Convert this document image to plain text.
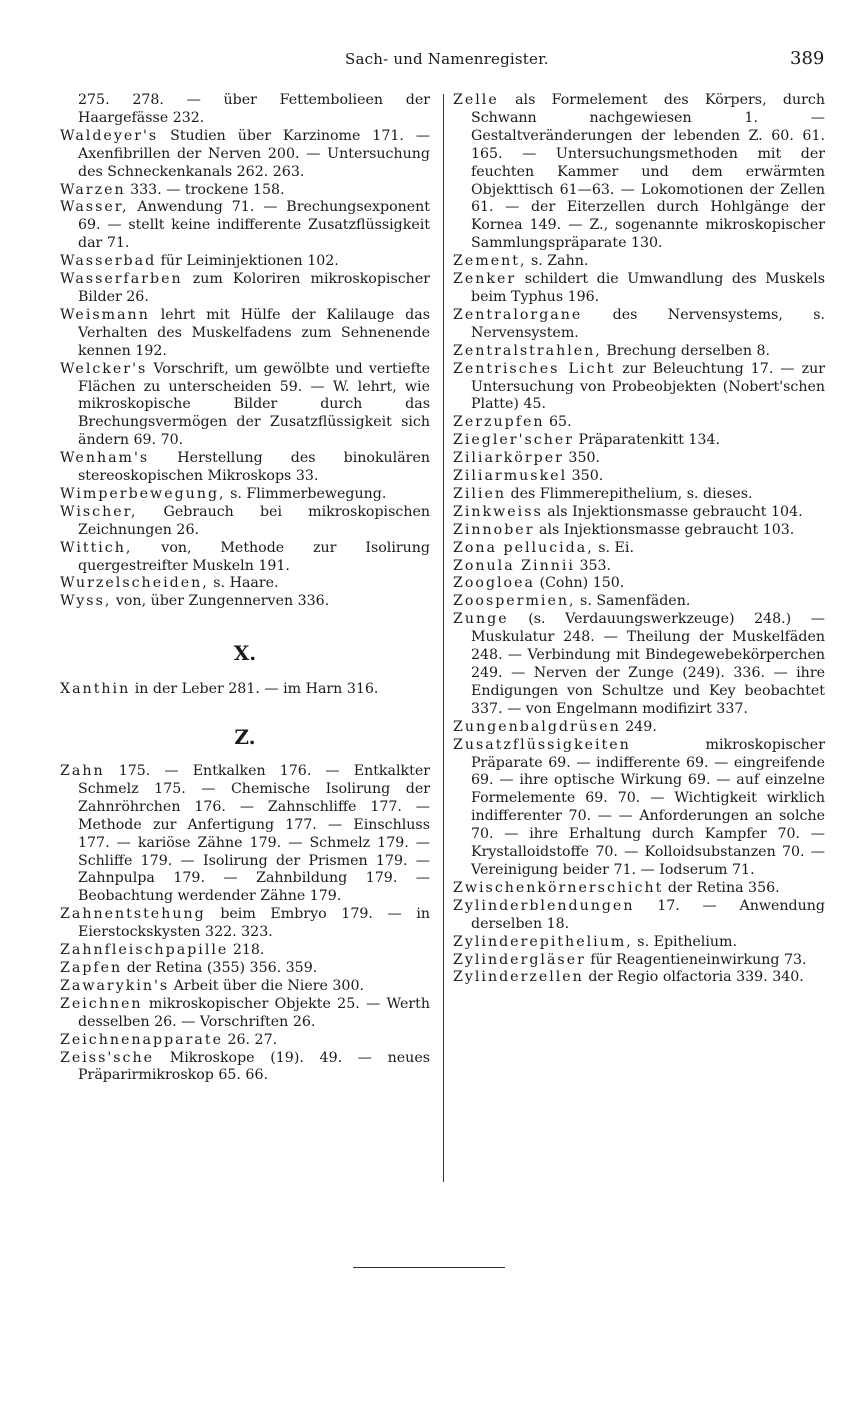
Sach- und Namenregister.	389

275. 278. — über Fettembolieen der Haargefässe 232.

Waldeyer's Studien über Karzinome 171. — Axenfibrillen der Nerven 200. — Untersuchung des Schneckenkanals 262. 263.

Warzen 333. — trockene 158.

Wasser, Anwendung 71. — Brechungsexponent 69. — stellt keine indifferente Zusatzflüssigkeit dar 71.

Wasserbad für Leiminjektionen 102.

Wasserfarben zum Koloriren mikroskopischer Bilder 26.

Weismann lehrt mit Hülfe der Kalilauge das Verhalten des Muskelfadens zum Sehnenende kennen 192.

Welcker's Vorschrift, um gewölbte und vertiefte Flächen zu unterscheiden 59. — W. lehrt, wie mikroskopische Bilder durch das Brechungsvermögen der Zusatzflüssigkeit sich ändern 69. 70.

Wenham's Herstellung des binokulären stereoskopischen Mikroskops 33.

Wimperbewegung, s. Flimmerbewegung.

Wischer, Gebrauch bei mikroskopischen Zeichnungen 26.

Wittich, von, Methode zur Isolirung quergestreifter Muskeln 191.

Wurzelscheiden, s. Haare.

Wyss, von, über Zungennerven 336.

X.

Xanthin in der Leber 281. — im Harn 316.

Z.

Zahn 175. — Entkalken 176. — Entkalkter Schmelz 175. — Chemische Isolirung der Zahnröhrchen 176. — Zahnschliffe 177. — Methode zur Anfertigung 177. — Einschluss 177. — kariöse Zähne 179. — Schmelz 179. — Schliffe 179. — Isolirung der Prismen 179. — Zahnpulpa 179. — Zahnbildung 179. — Beobachtung werdender Zähne 179.

Zahnentstehung beim Embryo 179. — in Eierstockskysten 322. 323.

Zahnfleischpapille 218.

Zapfen der Retina (355) 356. 359.

Zawarykin's Arbeit über die Niere 300.

Zeichnen mikroskopischer Objekte 25. — Werth desselben 26. — Vorschriften 26.

Zeichnenapparate 26. 27.

Zeiss'sche Mikroskope (19). 49. — neues Präparirmikroskop 65. 66.

Zelle als Formelement des Körpers, durch Schwann nachgewiesen 1. — Gestaltveränderungen der lebenden Z. 60. 61. 165. — Untersuchungsmethoden mit der feuchten Kammer und dem erwärmten Objekttisch 61—63. — Lokomotionen der Zellen 61. — der Eiterzellen durch Hohlgänge der Kornea 149. — Z., sogenannte mikroskopischer Sammlungspräparate 130.

Zement, s. Zahn.

Zenker schildert die Umwandlung des Muskels beim Typhus 196.

Zentralorgane des Nervensystems, s. Nervensystem.

Zentralstrahlen, Brechung derselben 8.

Zentrisches Licht zur Beleuchtung 17. — zur Untersuchung von Probeobjekten (Nobert'schen Platte) 45.

Zerzupfen 65.

Ziegler'scher Präparatenkitt 134.

Ziliarkörper 350.

Ziliarmuskel 350.

Zilien des Flimmerepithelium, s. dieses.

Zinkweiss als Injektionsmasse gebraucht 104.

Zinnober als Injektionsmasse gebraucht 103.

Zona pellucida, s. Ei.

Zonula Zinnii 353.

Zoogloea (Cohn) 150.

Zoospermien, s. Samenfäden.

Zunge (s. Verdauungswerkzeuge) 248.) — Muskulatur 248. — Theilung der Muskelfäden 248. — Verbindung mit Bindegewebekörperchen 249. — Nerven der Zunge (249). 336. — ihre Endigungen von Schultze und Key beobachtet 337. — von Engelmann modifizirt 337.

Zungenbalgdrüsen 249.

Zusatzflüssigkeiten mikroskopischer Präparate 69. — indifferente 69. — eingreifende 69. — ihre optische Wirkung 69. — auf einzelne Formelemente 69. 70. — Wichtigkeit wirklich indifferenter 70. — — Anforderungen an solche 70. — ihre Erhaltung durch Kampfer 70. — Krystalloidstoffe 70. — Kolloidsubstanzen 70. — Vereinigung beider 71. — Iodserum 71.

Zwischenkörnerschicht der Retina 356.

Zylinderblendungen 17. — Anwendung derselben 18.

Zylinderepithelium, s. Epithelium.

Zylindergläser für Reagentieneinwirkung 73.

Zylinderzellen der Regio olfactoria 339. 340.
